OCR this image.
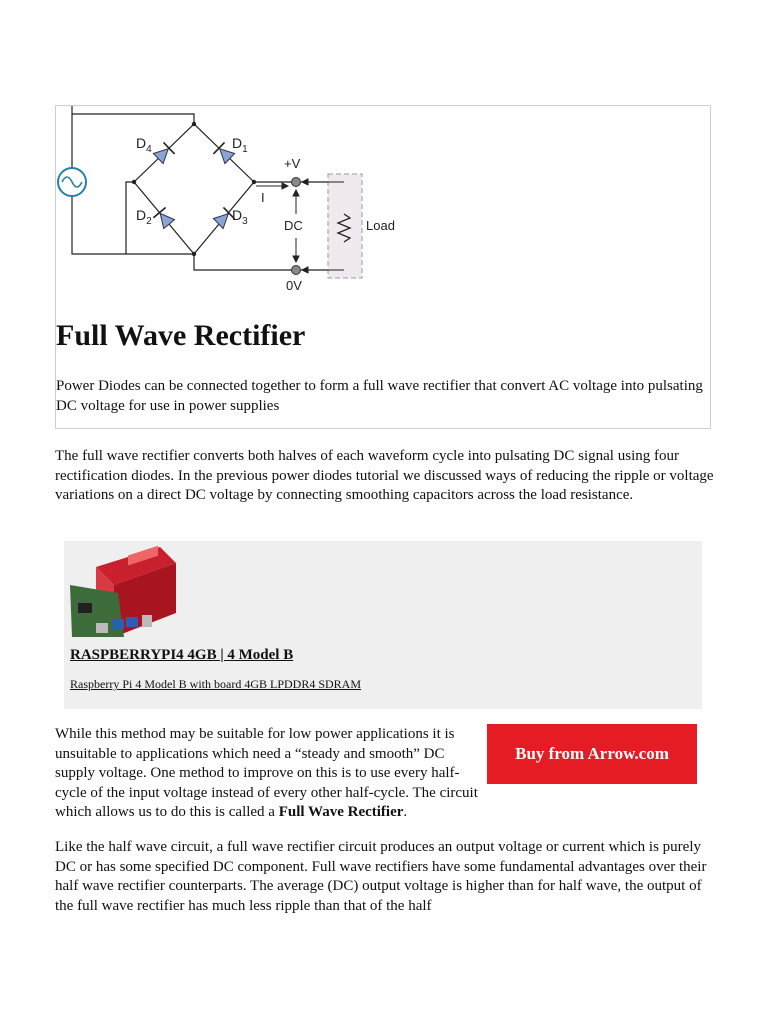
$D_4$	$D_1$
$D_2$	$D_3$
+V
0V
I
DC	Load
Full Wave Rectifier

Power Diodes can be connected together to form a full wave rectifier that convert AC voltage into pulsating DC voltage for use in power supplies

The full wave rectifier converts both halves of each waveform cycle into pulsating DC signal using four rectification diodes. In the previous power diodes tutorial we discussed ways of reducing the ripple or voltage variations on a direct DC voltage by connecting smoothing capacitors across the load resistance.

RASPBERRYPI4 4GB | 4 Model B
Raspberry Pi 4 Model B with board 4GB LPDDR4 SDRAM

While this method may be suitable for low power applications it is unsuitable to applications which need a “steady and smooth” DC supply voltage. One method to improve on this is to use every half-cycle of the input voltage instead of every other half-cycle. The circuit which allows us to do this is called a Full Wave Rectifier.

Buy from Arrow.com

Like the half wave circuit, a full wave rectifier circuit produces an output voltage or current which is purely DC or has some specified DC component. Full wave rectifiers have some fundamental advantages over their half wave rectifier counterparts. The average (DC) output voltage is higher than for half wave, the output of the full wave rectifier has much less ripple than that of the half
